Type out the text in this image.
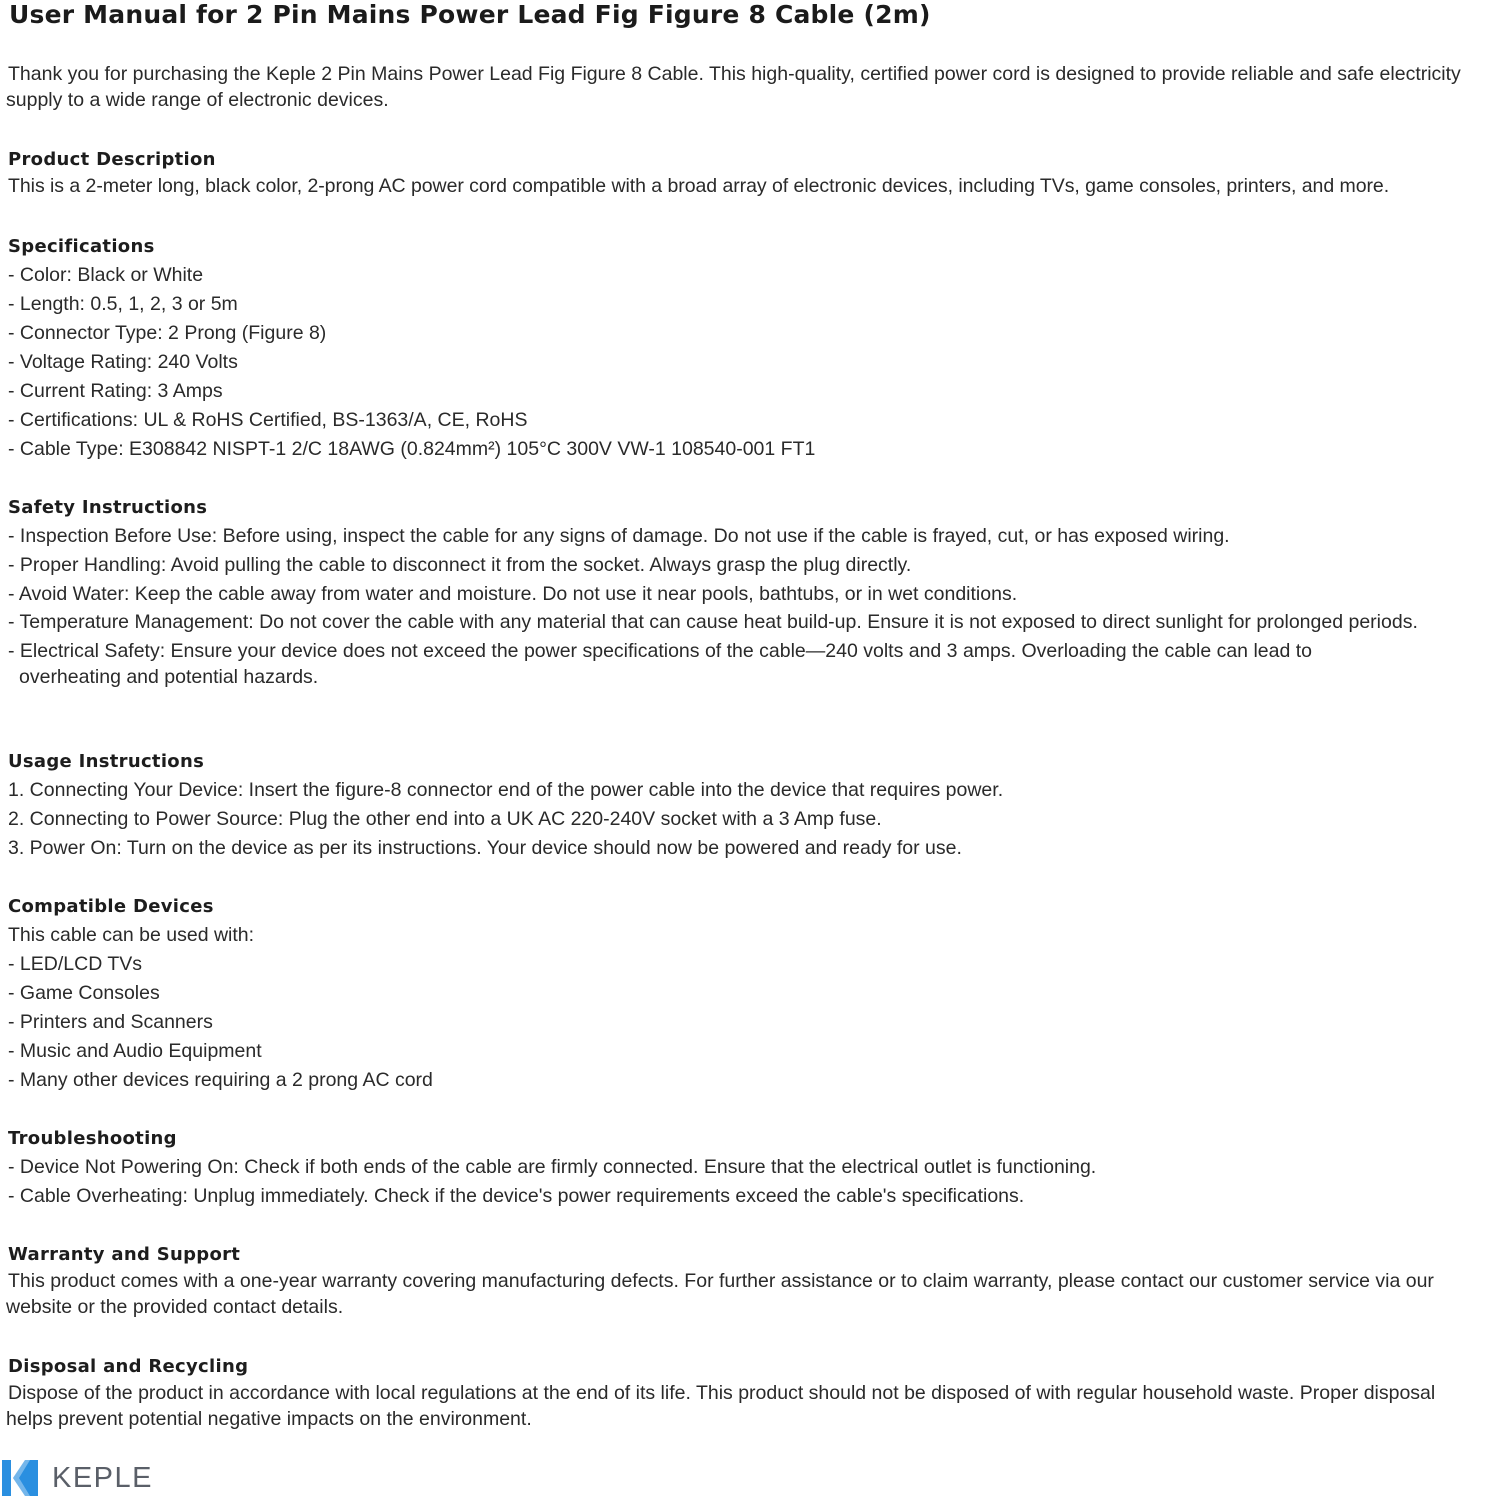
User Manual for 2 Pin Mains Power Lead Fig Figure 8 Cable (2m)

Thank you for purchasing the Keple 2 Pin Mains Power Lead Fig Figure 8 Cable. This high-quality, certified power cord is designed to provide reliable and safe electricity supply to a wide range of electronic devices.

Product Description

This is a 2-meter long, black color, 2-prong AC power cord compatible with a broad array of electronic devices, including TVs, game consoles, printers, and more.

Specifications
- Color: Black or White
- Length: 0.5, 1, 2, 3 or 5m
- Connector Type: 2 Prong (Figure 8)
- Voltage Rating: 240 Volts
- Current Rating: 3 Amps
- Certifications: UL & RoHS Certified, BS-1363/A, CE, RoHS
- Cable Type: E308842 NISPT-1 2/C 18AWG (0.824mm²) 105°C 300V VW-1 108540-001 FT1
Safety Instructions
- Inspection Before Use: Before using, inspect the cable for any signs of damage. Do not use if the cable is frayed, cut, or has exposed wiring.
- Proper Handling: Avoid pulling the cable to disconnect it from the socket. Always grasp the plug directly.
- Avoid Water: Keep the cable away from water and moisture. Do not use it near pools, bathtubs, or in wet conditions.
- Temperature Management: Do not cover the cable with any material that can cause heat build-up. Ensure it is not exposed to direct sunlight for prolonged periods.
- Electrical Safety: Ensure your device does not exceed the power specifications of the cable—240 volts and 3 amps. Overloading the cable can lead to overheating and potential hazards.
Usage Instructions
1. Connecting Your Device: Insert the figure-8 connector end of the power cable into the device that requires power.
2. Connecting to Power Source: Plug the other end into a UK AC 220-240V socket with a 3 Amp fuse.
3. Power On: Turn on the device as per its instructions. Your device should now be powered and ready for use.
Compatible Devices
This cable can be used with:
- LED/LCD TVs
- Game Consoles
- Printers and Scanners
- Music and Audio Equipment
- Many other devices requiring a 2 prong AC cord
Troubleshooting
- Device Not Powering On: Check if both ends of the cable are firmly connected. Ensure that the electrical outlet is functioning.
- Cable Overheating: Unplug immediately. Check if the device's power requirements exceed the cable's specifications.
Warranty and Support

This product comes with a one-year warranty covering manufacturing defects. For further assistance or to claim warranty, please contact our customer service via our website or the provided contact details.

Disposal and Recycling

Dispose of the product in accordance with local regulations at the end of its life. This product should not be disposed of with regular household waste. Proper disposal helps prevent potential negative impacts on the environment.

KEPLE
